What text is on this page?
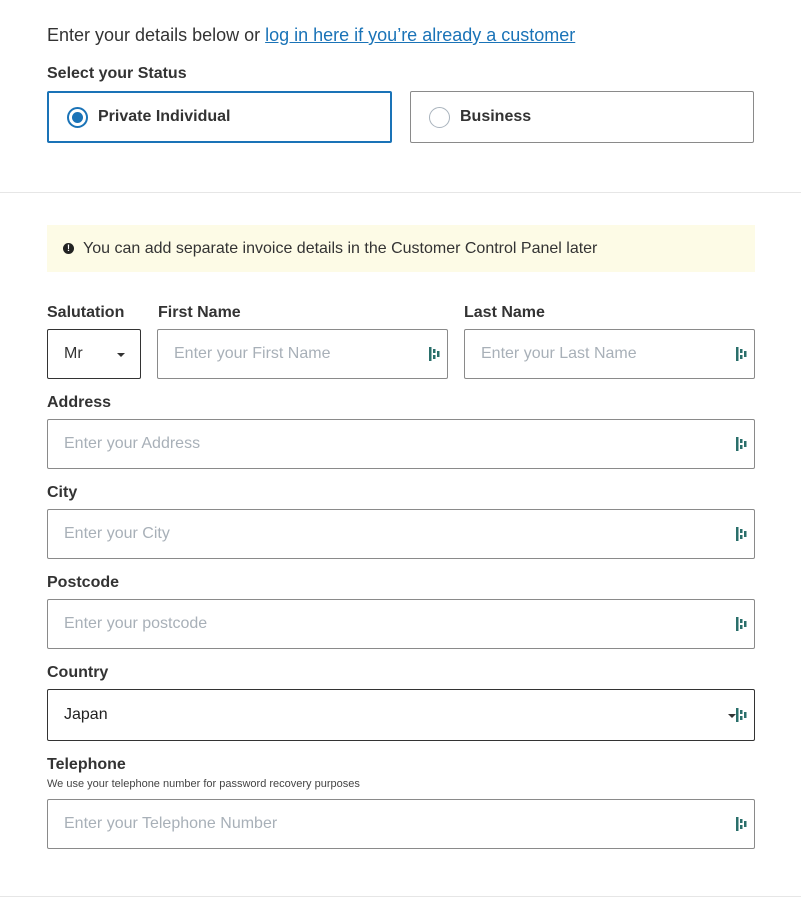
Enter your details below or log in here if you’re already a customer
Select your Status
Private Individual	Business
! You can add separate invoice details in the Customer Control Panel later
Salutation First Name	Last Name
Mr
Enter your First Name
Enter your Last Name
Address
Enter your Address
City
Enter your City
Postcode
Enter your postcode
Country
Japan
Telephone
We use your telephone number for password recovery purposes
Enter your Telephone Number
